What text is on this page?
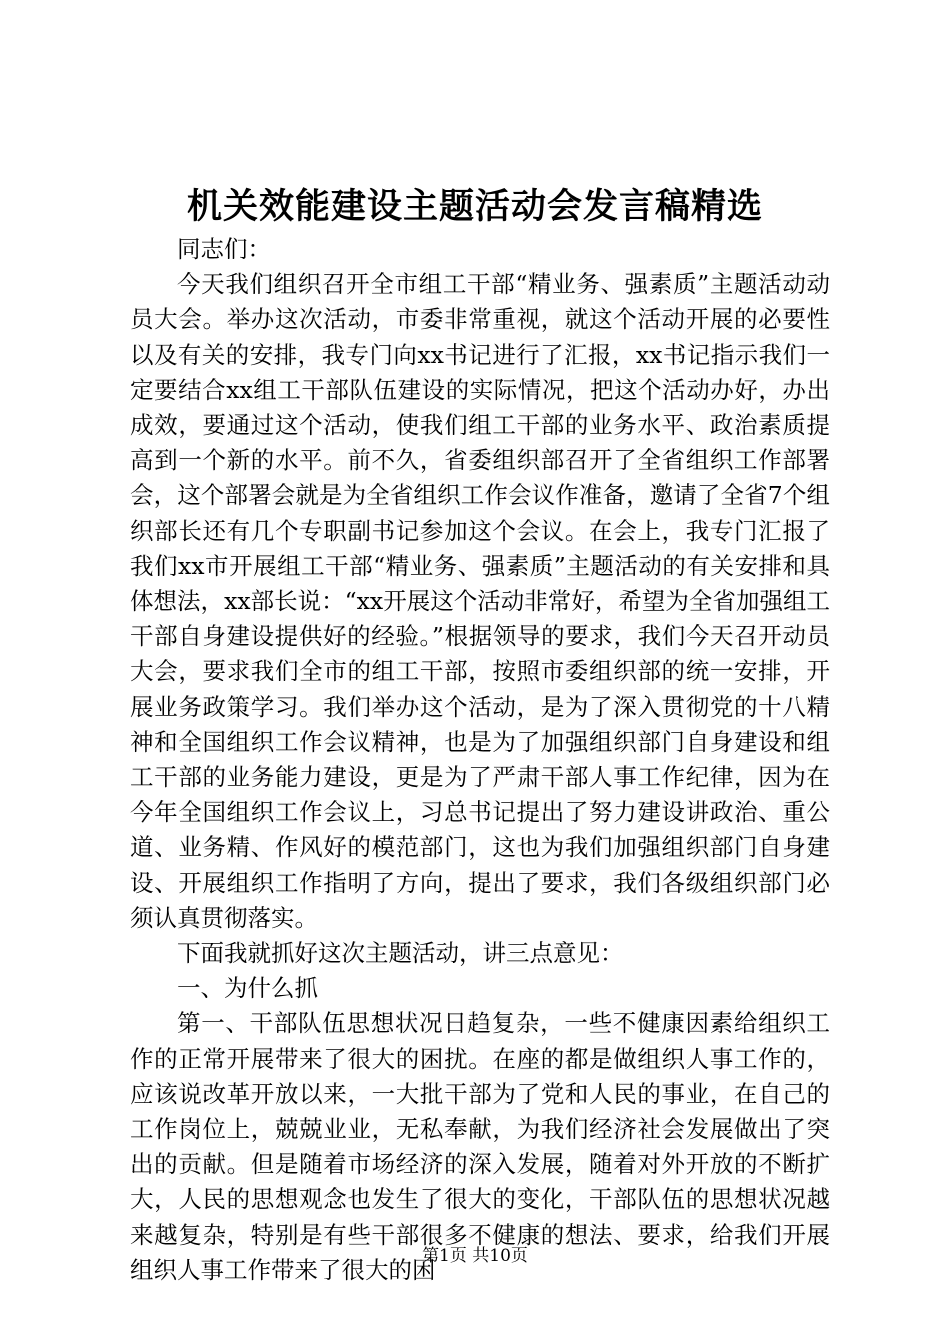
机关效能建设主题活动会发言稿精选

同志们：

今天我们组织召开全市组工干部“精业务、强素质”主题活动动员大会。举办这次活动，市委非常重视，就这个活动开展的必要性以及有关的安排，我专门向xx书记进行了汇报，xx书记指示我们一定要结合xx组工干部队伍建设的实际情况，把这个活动办好，办出成效，要通过这个活动，使我们组工干部的业务水平、政治素质提高到一个新的水平。前不久，省委组织部召开了全省组织工作部署会，这个部署会就是为全省组织工作会议作准备，邀请了全省7个组织部长还有几个专职副书记参加这个会议。在会上，我专门汇报了我们xx市开展组工干部“精业务、强素质”主题活动的有关安排和具体想法，xx部长说：“xx开展这个活动非常好，希望为全省加强组工干部自身建设提供好的经验。”根据领导的要求，我们今天召开动员大会，要求我们全市的组工干部，按照市委组织部的统一安排，开展业务政策学习。我们举办这个活动，是为了深入贯彻党的十八精神和全国组织工作会议精神，也是为了加强组织部门自身建设和组工干部的业务能力建设，更是为了严肃干部人事工作纪律，因为在今年全国组织工作会议上，习总书记提出了努力建设讲政治、重公道、业务精、作风好的模范部门，这也为我们加强组织部门自身建设、开展组织工作指明了方向，提出了要求，我们各级组织部门必须认真贯彻落实。

下面我就抓好这次主题活动，讲三点意见：

一、为什么抓

第一、干部队伍思想状况日趋复杂，一些不健康因素给组织工作的正常开展带来了很大的困扰。在座的都是做组织人事工作的，应该说改革开放以来，一大批干部为了党和人民的事业，在自己的工作岗位上，兢兢业业，无私奉献，为我们经济社会发展做出了突出的贡献。但是随着市场经济的深入发展，随着对外开放的不断扩大，人民的思想观念也发生了很大的变化，干部队伍的思想状况越来越复杂，特别是有些干部很多不健康的想法、要求，给我们开展组织人事工作带来了很大的困

第1页 共10页
